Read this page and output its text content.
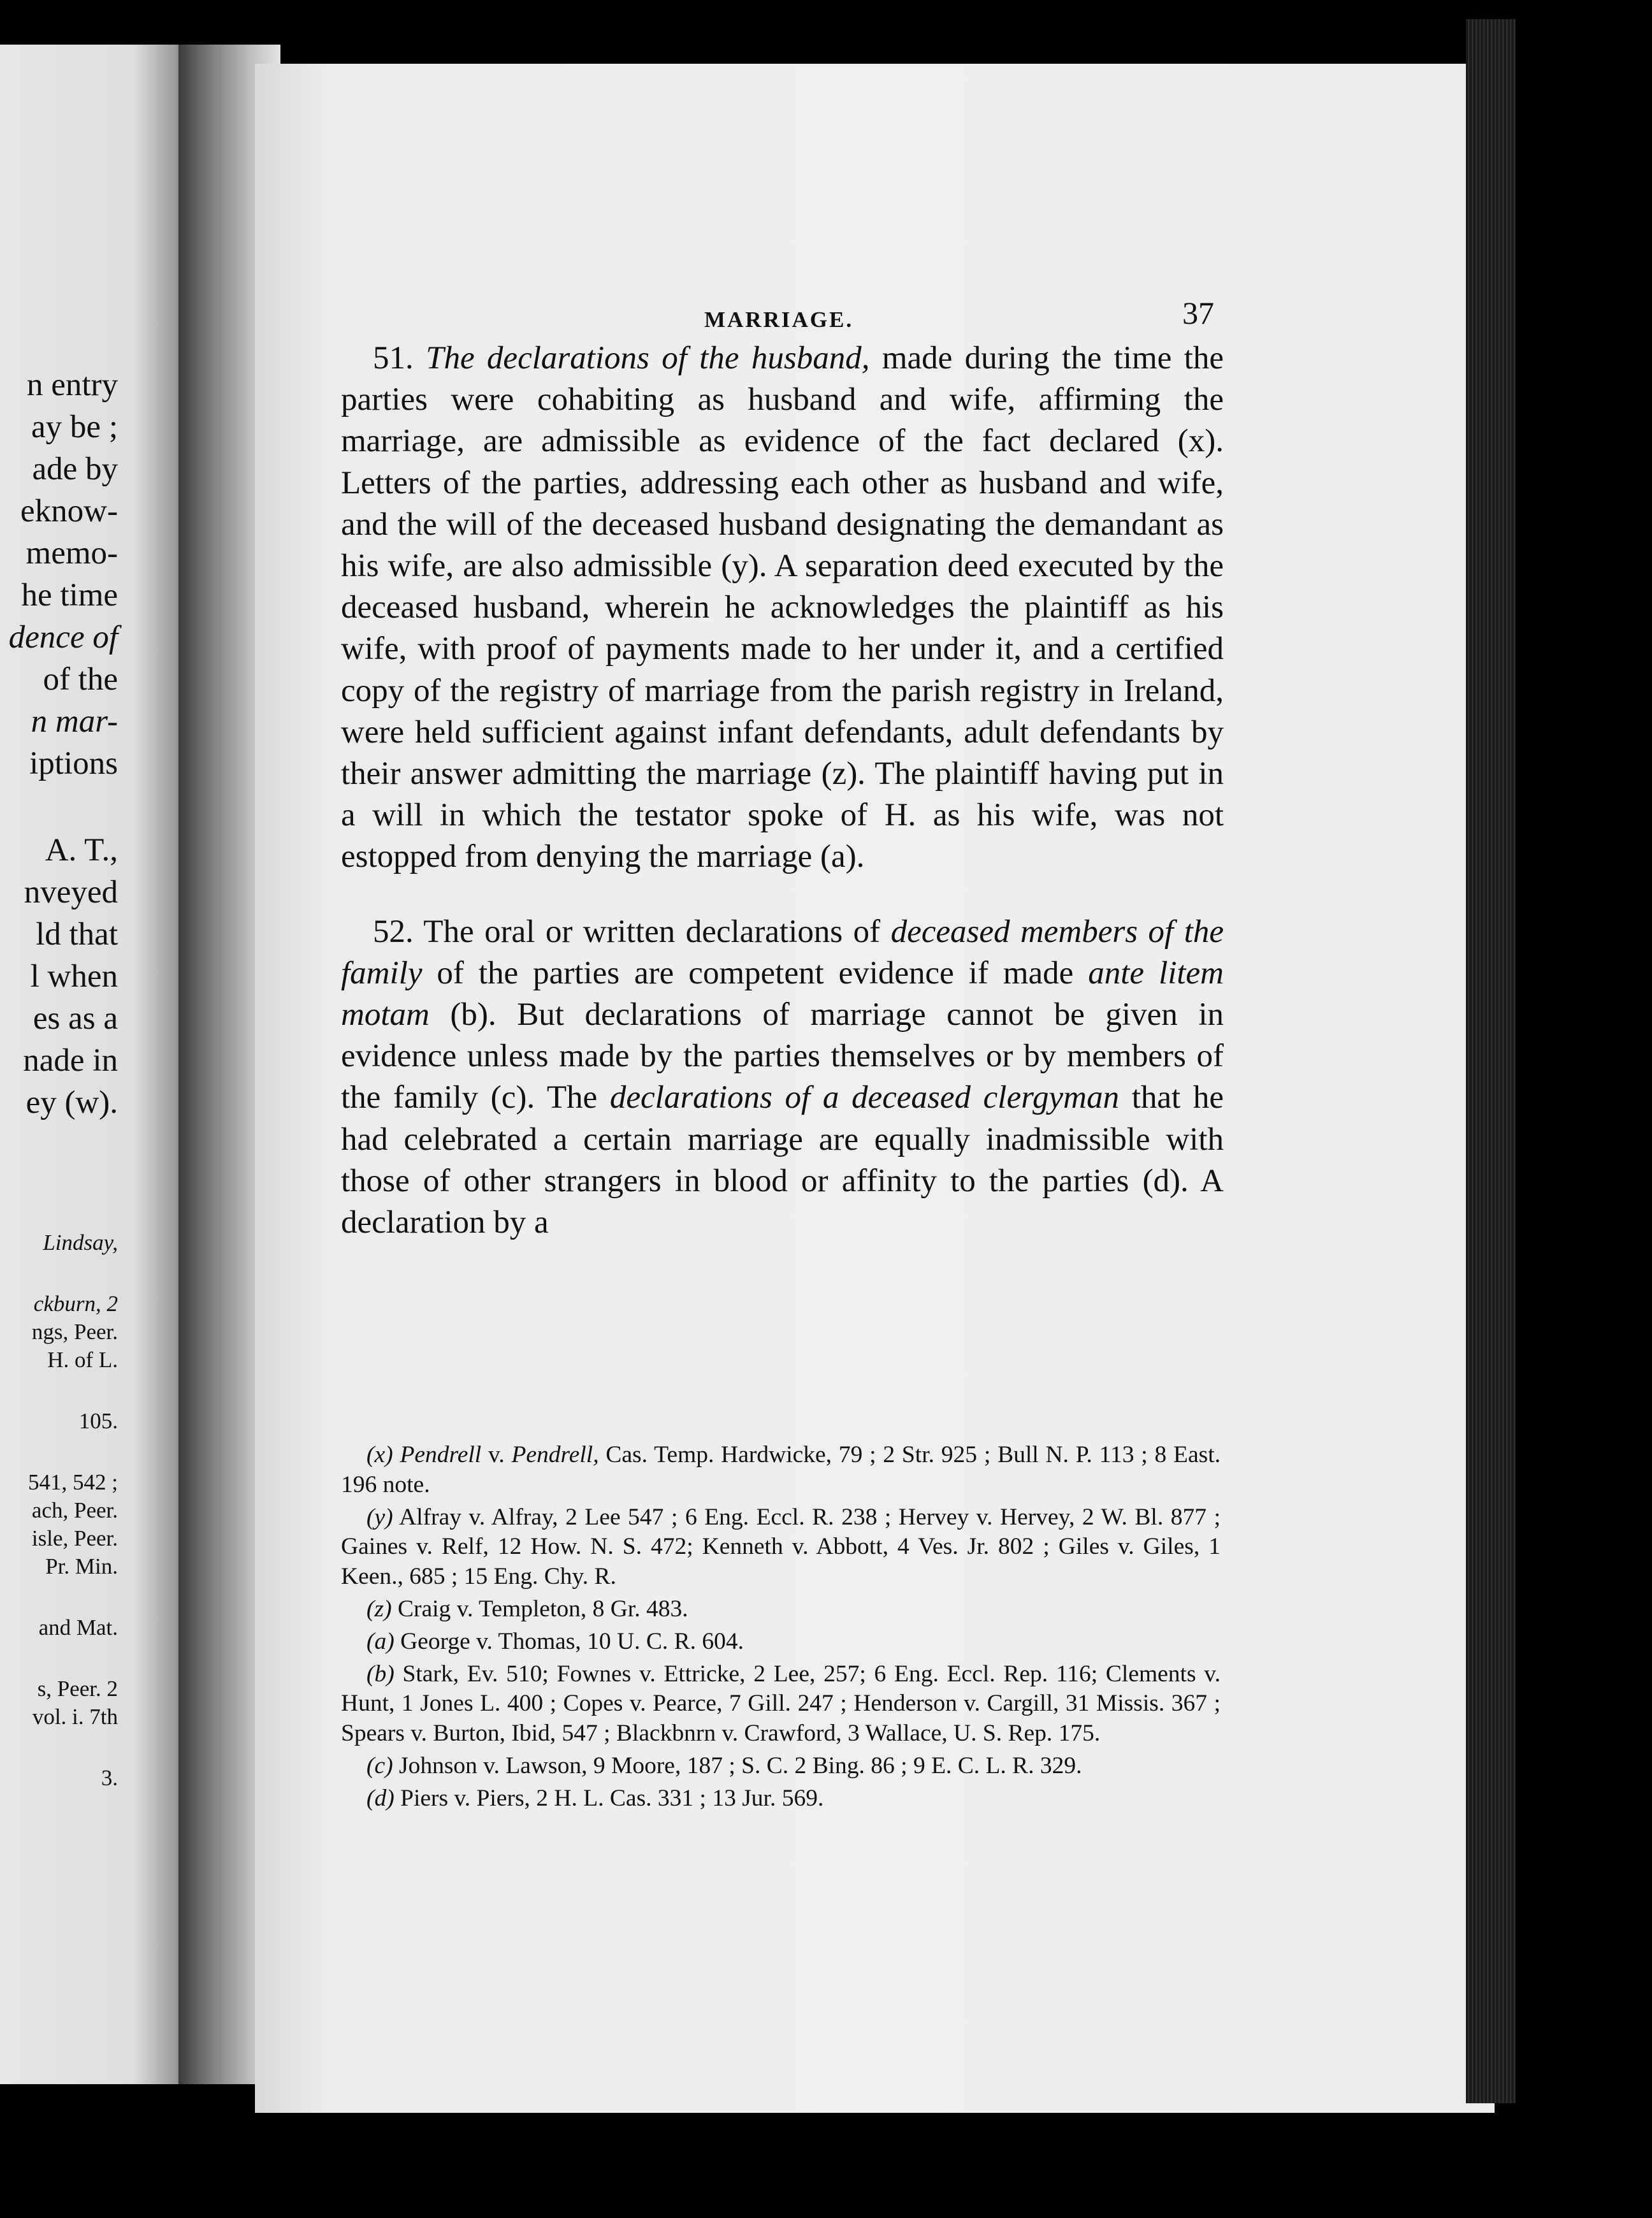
n entry
ay be ;
ade by
eknow-
memo-
he time
dence of
of the
n mar-
iptions
A. T.,
nveyed
ld that
l when
es as a
nade in
ey (w).
Lindsay,
ckburn, 2
ngs, Peer.
H. of L.
105.
541, 542 ;
ach, Peer.
isle, Peer.
Pr. Min.
and Mat.
s, Peer. 2
vol. i. 7th
3.
MARRIAGE.	37

51. The declarations of the husband, made during the time the parties were cohabiting as husband and wife, affirming the marriage, are admissible as evidence of the fact declared (x). Letters of the parties, addressing each other as husband and wife, and the will of the deceased husband designating the demandant as his wife, are also admissible (y). A separation deed executed by the deceased husband, wherein he acknowledges the plaintiff as his wife, with proof of payments made to her under it, and a certified copy of the registry of marriage from the parish registry in Ireland, were held sufficient against infant defendants, adult defendants by their answer admitting the marriage (z). The plaintiff having put in a will in which the testator spoke of H. as his wife, was not estopped from denying the marriage (a).

52. The oral or written declarations of deceased members of the family of the parties are competent evidence if made ante litem motam (b). But declarations of marriage cannot be given in evidence unless made by the parties themselves or by members of the family (c). The declarations of a deceased clergyman that he had celebrated a certain marriage are equally inadmissible with those of other strangers in blood or affinity to the parties (d). A declaration by a

(x) Pendrell v. Pendrell, Cas. Temp. Hardwicke, 79 ; 2 Str. 925 ; Bull N. P. 113 ; 8 East. 196 note.

(y) Alfray v. Alfray, 2 Lee 547 ; 6 Eng. Eccl. R. 238 ; Hervey v. Hervey, 2 W. Bl. 877 ; Gaines v. Relf, 12 How. N. S. 472; Kenneth v. Abbott, 4 Ves. Jr. 802 ; Giles v. Giles, 1 Keen., 685 ; 15 Eng. Chy. R.

(z) Craig v. Templeton, 8 Gr. 483.

(a) George v. Thomas, 10 U. C. R. 604.

(b) Stark, Ev. 510; Fownes v. Ettricke, 2 Lee, 257; 6 Eng. Eccl. Rep. 116; Clements v. Hunt, 1 Jones L. 400 ; Copes v. Pearce, 7 Gill. 247 ; Henderson v. Cargill, 31 Missis. 367 ; Spears v. Burton, Ibid, 547 ; Blackbnrn v. Crawford, 3 Wallace, U. S. Rep. 175.

(c) Johnson v. Lawson, 9 Moore, 187 ; S. C. 2 Bing. 86 ; 9 E. C. L. R. 329.

(d) Piers v. Piers, 2 H. L. Cas. 331 ; 13 Jur. 569.
